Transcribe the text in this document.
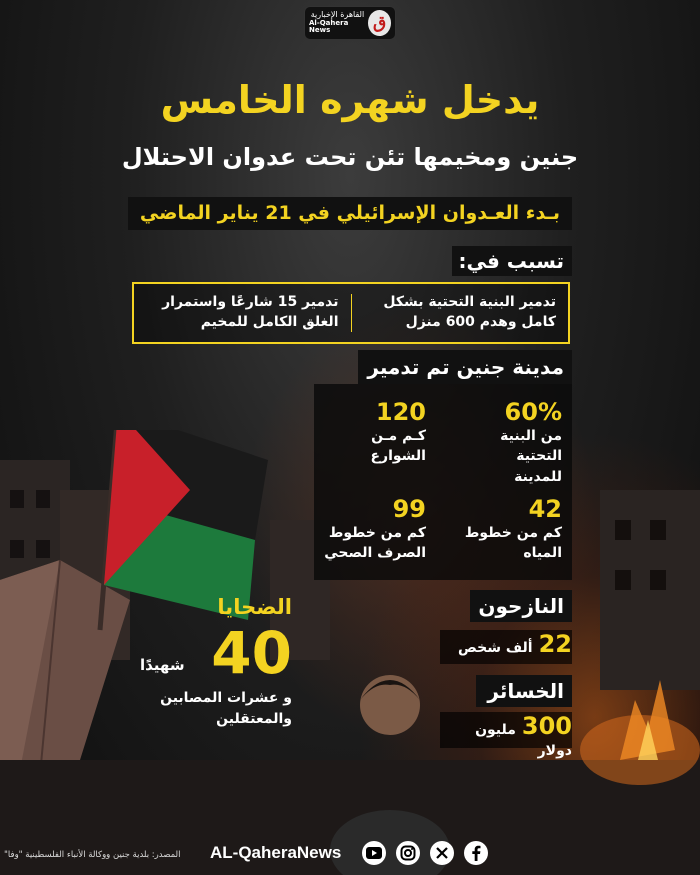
القاهرة الإخبارية
Al-Qahera News	ق
يدخل شهره الخامس
جنين ومخيمها تئن تحت عدوان الاحتلال
بـدء العـدوان الإسرائيلي في 21 يناير الماضي
تسبب في:
تدمير البنية التحتية بشكل
كامل وهدم 600 منزل
تدمير 15 شارعًا واستمرار
الغلق الكامل للمخيم
مدينة جنين تم تدمير
60%
من البنية التحتية
للمدينة
120
كـم مـن
الشوارع
42
كم من خطوط
المياه
99
كم من خطوط
الصرف الصحي
النازحون
22ألف شخص
الخسائر
300مليون دولار
الضحايا
40
شهيدًا
و عشرات المصابين
والمعتقلين
المصدر: بلدية جنين ووكالة الأنباء الفلسطينية "وفا" AL-QaheraNews
